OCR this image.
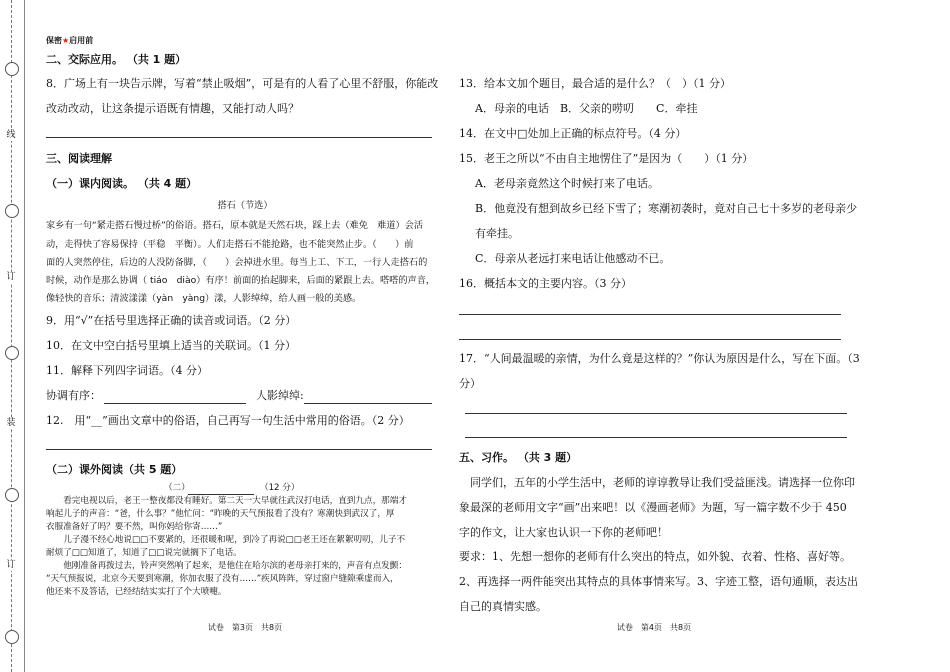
线
订
装
订
保密★启用前
二、交际应用。 （共 1 题）
8．广场上有一块告示牌，写着“禁止吸烟”，可是有的人看了心里不舒服，你能改
改动改动，让这条提示语既有情趣，又能打动人吗？
三、阅读理解
（一）课内阅读。 （共 4 题）
搭石（节选）
家乡有一句“紧走搭石慢过桥”的俗语。搭石，原本就是天然石块，踩上去（难免　难道）会活
动，走得快了容易保持（平稳　平衡）。人们走搭石不能抢路，也不能突然止步。（　　）前
面的人突然停住，后边的人没防备脚，（　　）会掉进水里。每当上工、下工，一行人走搭石的
时候，动作是那么协调（ tiáo　diào）有序！前面的抬起脚来，后面的紧跟上去。嗒嗒的声音，
像轻快的音乐；清波漾漾（yàn　yàng）漾，人影绰绰，给人画一般的美感。
9．用“√”在括号里选择正确的读音或词语。（2 分）
10．在文中空白括号里填上适当的关联词。（1 分）
11．解释下列四字词语。（4 分）
协调有序：	人影绰绰:
12.　用“__”画出文章中的俗语，自己再写一句生活中常用的俗语。（2 分）
（二）课外阅读（共 5 题）
（二）	（12 分）
　　看完电视以后，老王一整夜都没有睡好。第二天一大早就往武汉打电话，直到九点，那端才
响起儿子的声音：“爸，什么事？”他忙问：“昨晚的天气预报看了没有？寒潮快到武汉了，厚
衣服准备好了吗？要不然，叫你妈给你寄……”
　　儿子漫不经心地说□□不要紧的，还很暖和呢，到冷了再说□□老王还在絮絮叨叨，儿子不
耐烦了□□知道了，知道了□□说完就搁下了电话。
　　他刚准备再拨过去，铃声突然响了起来，是他住在哈尔滨的老母亲打来的，声音有点发颤：
“天气预报说，北京今天要到寒潮，你加衣服了没有……”疾风阵阵，穿过窗户缝隙乘虚而入，
他还来不及答话，已经结结实实打了个大喷嚏。
试卷　第3页　共8页
13．给本文加个题目，最合适的是什么？（　）（1 分）
A．母亲的电话　B．父亲的唠叨　　C．牵挂
14．在文中□处加上正确的标点符号。（4 分）
15．老王之所以“不由自主地愣住了”是因为（　　）（1 分）
A．老母亲竟然这个时候打来了电话。
B．他竟没有想到故乡已经下雪了；寒潮初袭时，竟对自己七十多岁的老母亲少
有牵挂。
C．母亲从老远打来电话让他感动不已。
16．概括本文的主要内容。（3 分）
17．“人间最温暖的亲情，为什么竟是这样的？”你认为原因是什么，写在下面。（3
分）
五、习作。 （共 3 题）
　同学们，五年的小学生活中，老师的谆谆教导让我们受益匪浅。请选择一位你印
象最深的老师用文字“画”出来吧！以《漫画老师》为题，写一篇字数不少于 450
字的作文，让大家也认识一下你的老师吧！
要求：1、先想一想你的老师有什么突出的特点，如外貌、衣着、性格、喜好等。
2、再选择一两件能突出其特点的具体事情来写。3、字迹工整，语句通顺，表达出
自己的真情实感。
试卷　第4页　共8页
